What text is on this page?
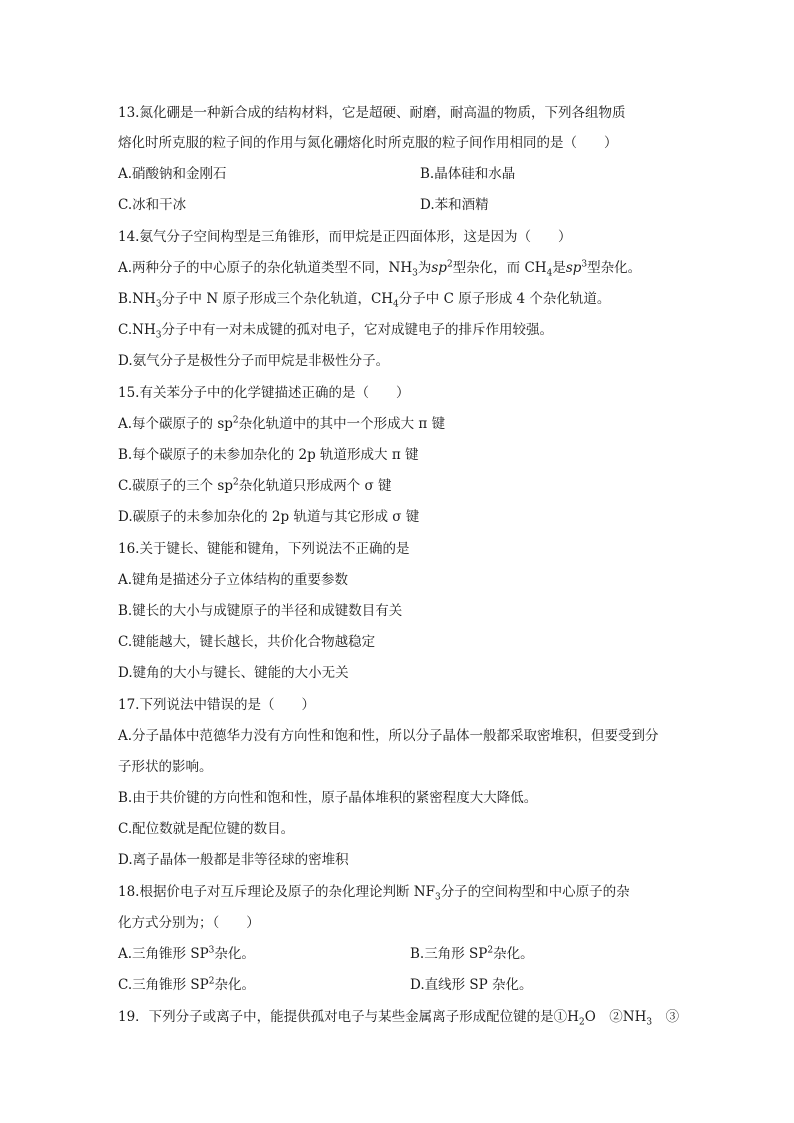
13.氮化硼是一种新合成的结构材料，它是超硬、耐磨，耐高温的物质，下列各组物质
熔化时所克服的粒子间的作用与氮化硼熔化时所克服的粒子间作用相同的是（　　）
A.硝酸钠和金刚石	B.晶体硅和水晶
C.冰和干冰	D.苯和酒精
14.氨气分子空间构型是三角锥形，而甲烷是正四面体形，这是因为（　　）
A.两种分子的中心原子的杂化轨道类型不同，$NH_3$为$sp^2$型杂化，而 $CH_4$是$sp^3$型杂化。
$B.NH_3$分子中 N 原子形成三个杂化轨道，$CH_4$分子中 C 原子形成 4 个杂化轨道。
$C.NH_3$分子中有一对未成键的孤对电子，它对成键电子的排斥作用较强。
D.氨气分子是极性分子而甲烷是非极性分子。
15.有关苯分子中的化学键描述正确的是（　　）
A.每个碳原子的 $sp^2$杂化轨道中的其中一个形成大 π 键
B.每个碳原子的未参加杂化的 2p 轨道形成大 π 键
C.碳原子的三个 $sp^2$杂化轨道只形成两个 σ 键
D.碳原子的未参加杂化的 2p 轨道与其它形成 σ 键
16.关于键长、键能和键角，下列说法不正确的是
A.键角是描述分子立体结构的重要参数
B.键长的大小与成键原子的半径和成键数目有关
C.键能越大，键长越长，共价化合物越稳定
D.键角的大小与键长、键能的大小无关
17.下列说法中错误的是（　　）
A.分子晶体中范德华力没有方向性和饱和性，所以分子晶体一般都采取密堆积，但要受到分
子形状的影响。
B.由于共价键的方向性和饱和性，原子晶体堆积的紧密程度大大降低。
C.配位数就是配位键的数目。
D.离子晶体一般都是非等径球的密堆积
18.根据价电子对互斥理论及原子的杂化理论判断 $NF_3$分子的空间构型和中心原子的杂
化方式分别为；（　　）
A.三角锥形 $SP^3$杂化。	B.三角形 $SP^2$杂化。
C.三角锥形 $SP^2$杂化。	D.直线形 SP 杂化。
19．下列分子或离子中，能提供孤对电子与某些金属离子形成配位键的是$①H_2O$　$②NH_3$　③
